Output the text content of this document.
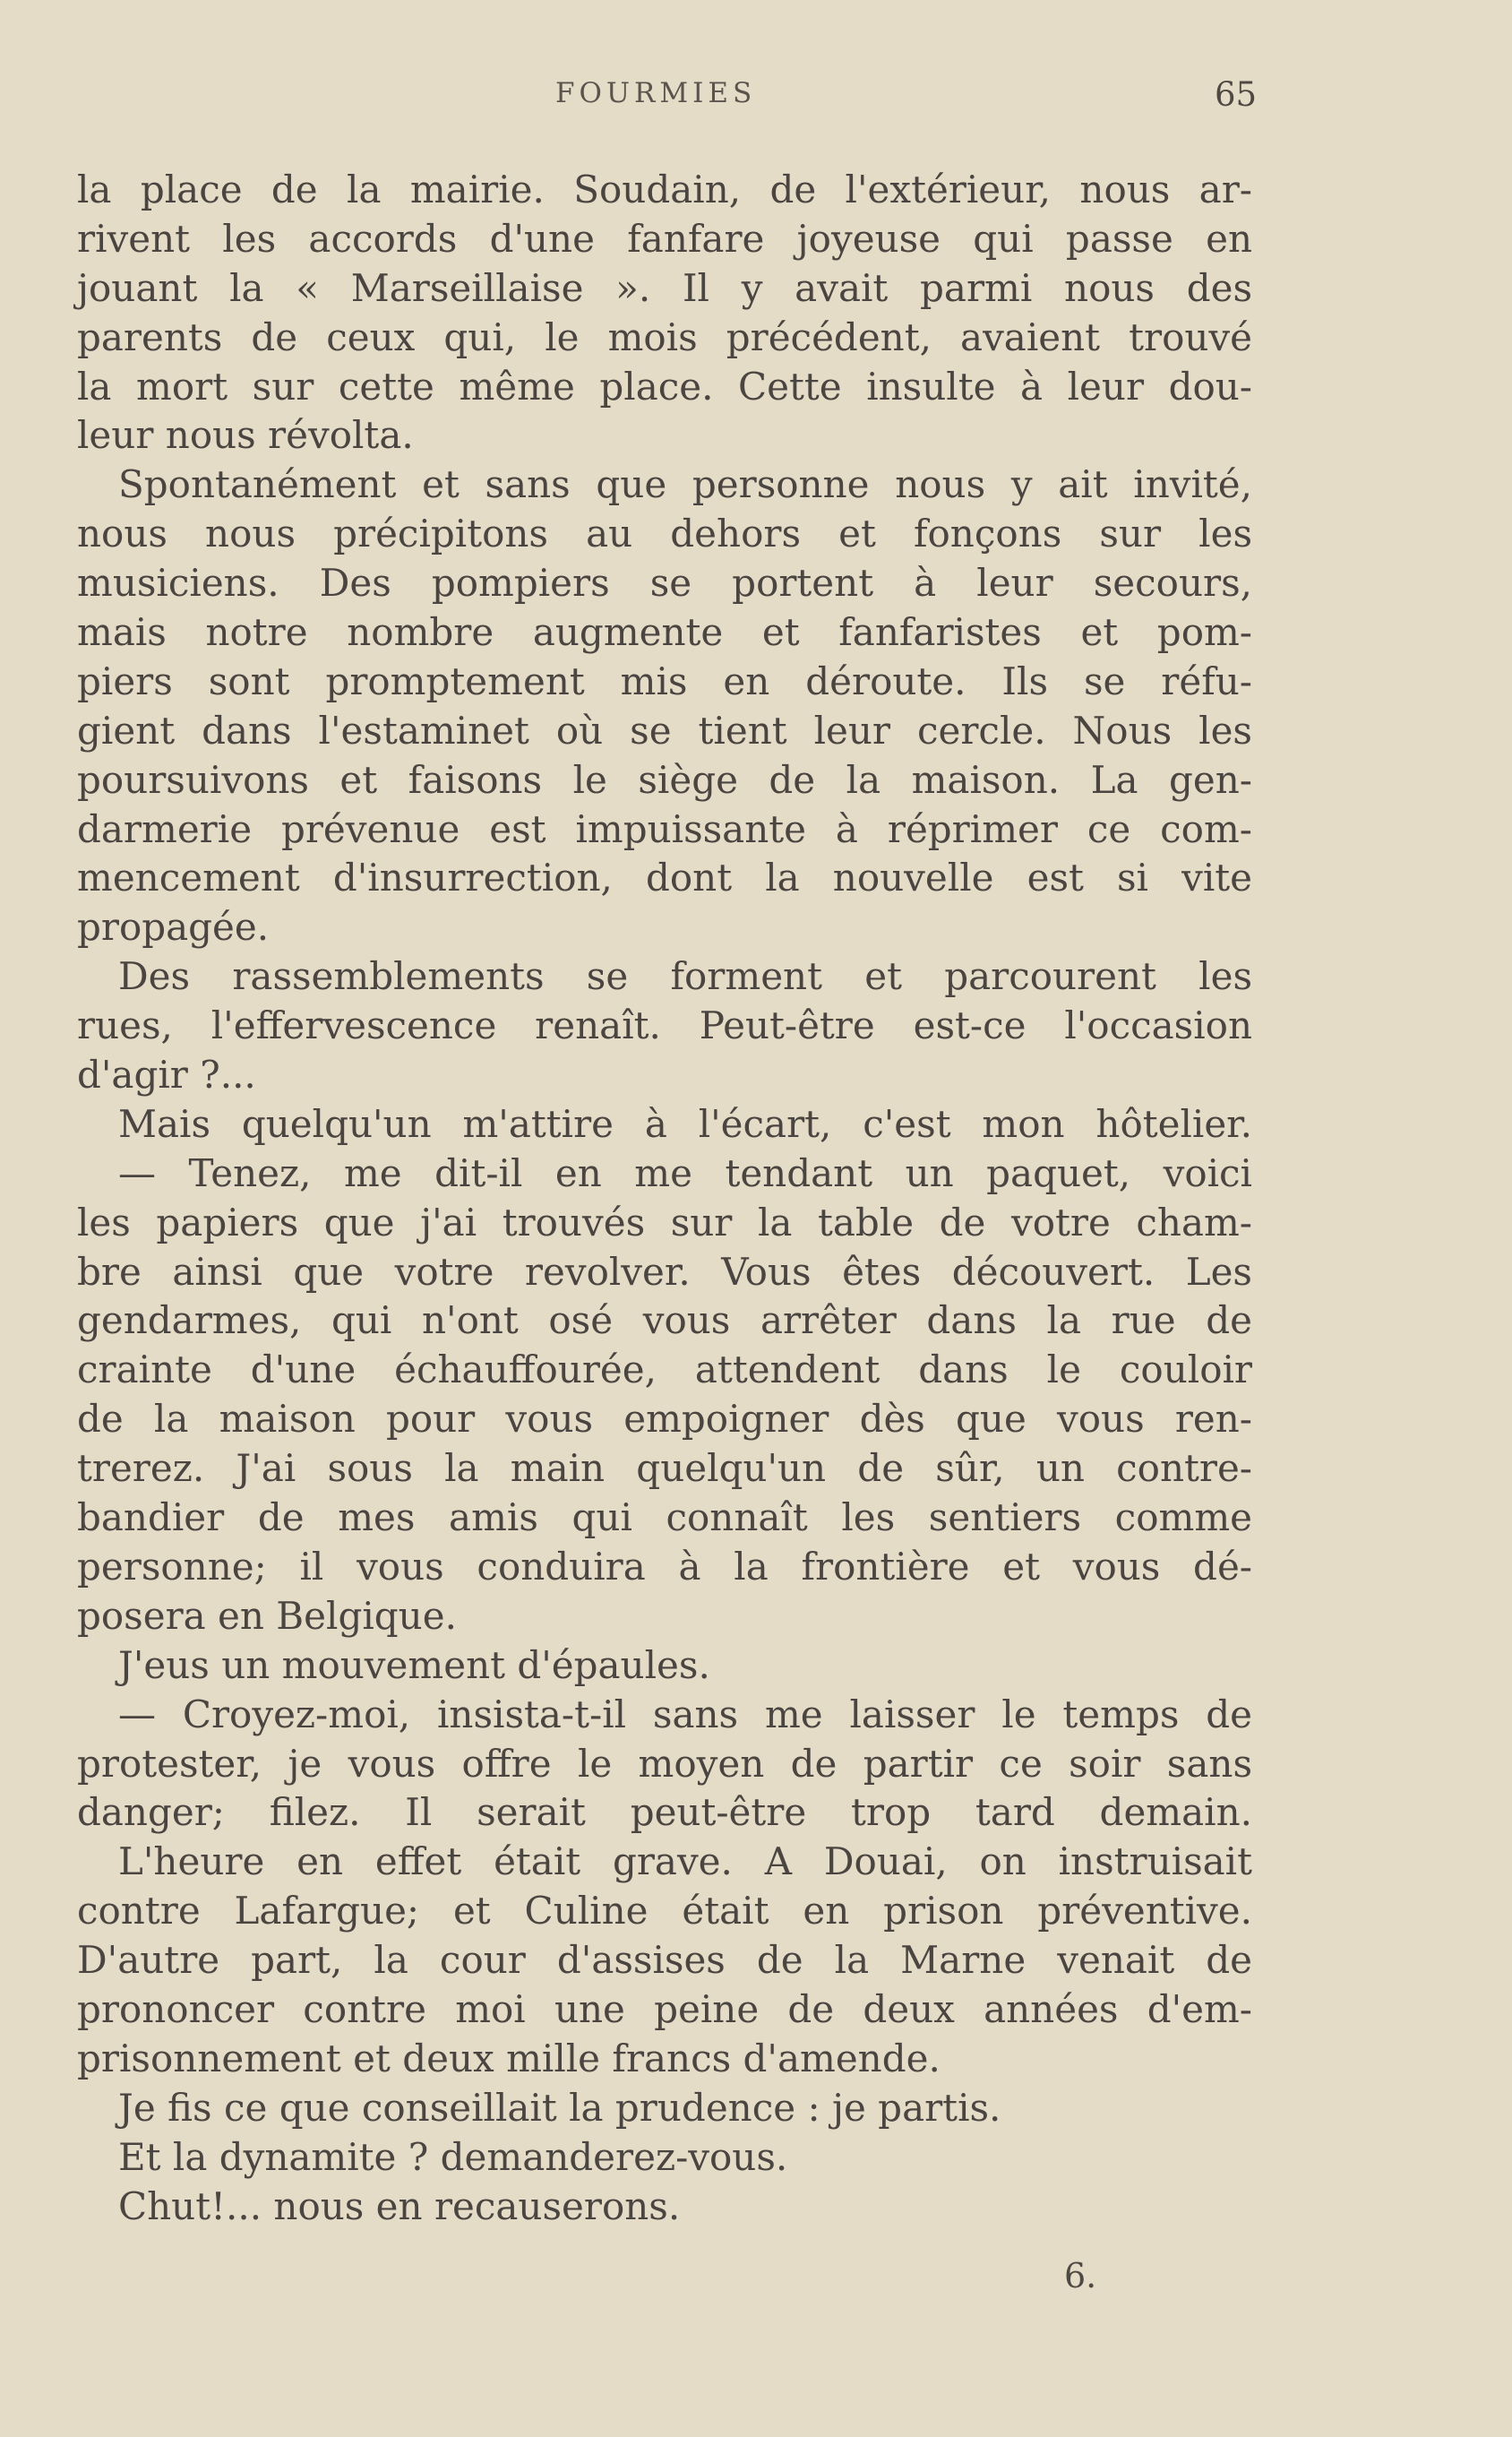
FOURMIES	65
la place de la mairie. Soudain, de l'extérieur, nous ar-
rivent les accords d'une fanfare joyeuse qui passe en
jouant la « Marseillaise ». Il y avait parmi nous des
parents de ceux qui, le mois précédent, avaient trouvé
la mort sur cette même place. Cette insulte à leur dou-
leur nous révolta.
Spontanément et sans que personne nous y ait invité,
nous nous précipitons au dehors et fonçons sur les
musiciens. Des pompiers se portent à leur secours,
mais notre nombre augmente et fanfaristes et pom-
piers sont promptement mis en déroute. Ils se réfu-
gient dans l'estaminet où se tient leur cercle. Nous les
poursuivons et faisons le siège de la maison. La gen-
darmerie prévenue est impuissante à réprimer ce com-
mencement d'insurrection, dont la nouvelle est si vite
propagée.
Des rassemblements se forment et parcourent les
rues, l'effervescence renaît. Peut-être est-ce l'occasion
d'agir ?...
Mais quelqu'un m'attire à l'écart, c'est mon hôtelier.
— Tenez, me dit-il en me tendant un paquet, voici
les papiers que j'ai trouvés sur la table de votre cham-
bre ainsi que votre revolver. Vous êtes découvert. Les
gendarmes, qui n'ont osé vous arrêter dans la rue de
crainte d'une échauffourée, attendent dans le couloir
de la maison pour vous empoigner dès que vous ren-
trerez. J'ai sous la main quelqu'un de sûr, un contre-
bandier de mes amis qui connaît les sentiers comme
personne; il vous conduira à la frontière et vous dé-
posera en Belgique.
J'eus un mouvement d'épaules.
— Croyez-moi, insista-t-il sans me laisser le temps de
protester, je vous offre le moyen de partir ce soir sans
danger; filez. Il serait peut-être trop tard demain.
L'heure en effet était grave. A Douai, on instruisait
contre Lafargue; et Culine était en prison préventive.
D'autre part, la cour d'assises de la Marne venait de
prononcer contre moi une peine de deux années d'em-
prisonnement et deux mille francs d'amende.
Je fis ce que conseillait la prudence : je partis.
Et la dynamite ? demanderez-vous.
Chut!... nous en recauserons.
6.
